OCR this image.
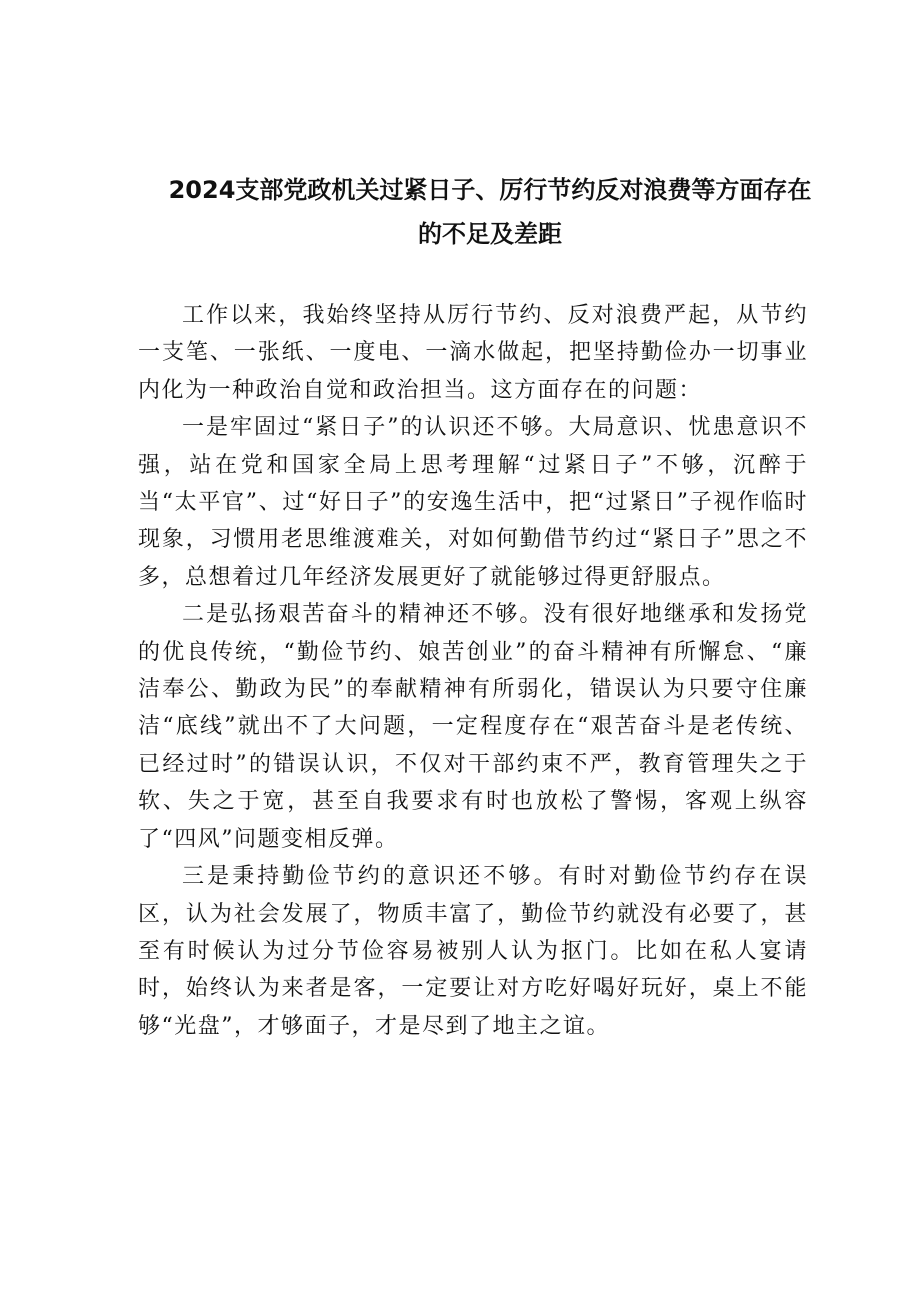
2024支部党政机关过紧日子、厉行节约反对浪费等方面存在
的不足及差距

工作以来，我始终坚持从厉行节约、反对浪费严起，从节约一支笔、一张纸、一度电、一滴水做起，把坚持勤俭办一切事业内化为一种政治自觉和政治担当。这方面存在的问题：

一是牢固过“紧日子”的认识还不够。大局意识、忧患意识不强，站在党和国家全局上思考理解“过紧日子”不够，沉醉于当“太平官”、过“好日子”的安逸生活中，把“过紧日”子视作临时现象，习惯用老思维渡难关，对如何勤借节约过“紧日子”思之不多，总想着过几年经济发展更好了就能够过得更舒服点。

二是弘扬艰苦奋斗的精神还不够。没有很好地继承和发扬党的优良传统，“勤俭节约、娘苦创业”的奋斗精神有所懈怠、“廉洁奉公、勤政为民”的奉献精神有所弱化，错误认为只要守住廉洁“底线”就出不了大问题，一定程度存在“艰苦奋斗是老传统、已经过时”的错误认识，不仅对干部约束不严，教育管理失之于软、失之于宽，甚至自我要求有时也放松了警惕，客观上纵容了“四风”问题变相反弹。

三是秉持勤俭节约的意识还不够。有时对勤俭节约存在误区，认为社会发展了，物质丰富了，勤俭节约就没有必要了，甚至有时候认为过分节俭容易被别人认为抠门。比如在私人宴请时，始终认为来者是客，一定要让对方吃好喝好玩好，桌上不能够“光盘”，才够面子，才是尽到了地主之谊。
